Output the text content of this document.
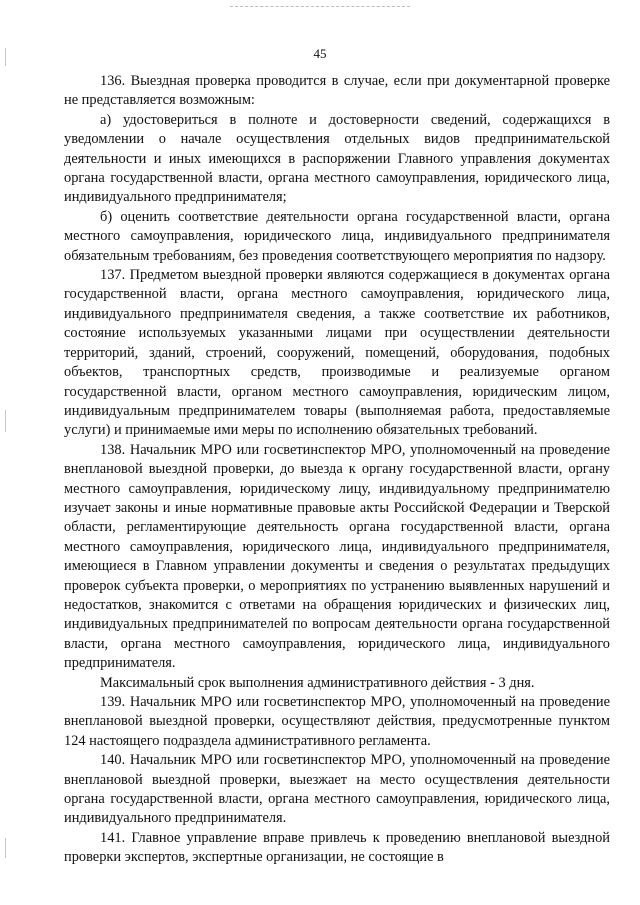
45

136. Выездная проверка проводится в случае, если при документарной проверке не представляется возможным:

а) удостовериться в полноте и достоверности сведений, содержащихся в уведомлении о начале осуществления отдельных видов предпринимательской деятельности и иных имеющихся в распоряжении Главного управления документах органа государственной власти, органа местного самоуправления, юридического лица, индивидуального предпринимателя;

б) оценить соответствие деятельности органа государственной власти, органа местного самоуправления, юридического лица, индивидуального предпринимателя обязательным требованиям, без проведения соответствующего мероприятия по надзору.

137. Предметом выездной проверки являются содержащиеся в документах органа государственной власти, органа местного самоуправления, юридического лица, индивидуального предпринимателя сведения, а также соответствие их работников, состояние используемых указанными лицами при осуществлении деятельности территорий, зданий, строений, сооружений, помещений, оборудования, подобных объектов, транспортных средств, производимые и реализуемые органом государственной власти, органом местного самоуправления, юридическим лицом, индивидуальным предпринимателем товары (выполняемая работа, предоставляемые услуги) и принимаемые ими меры по исполнению обязательных требований.

138. Начальник МРО или госветинспектор МРО, уполномоченный на проведение внеплановой выездной проверки, до выезда к органу государственной власти, органу местного самоуправления, юридическому лицу, индивидуальному предпринимателю изучает законы и иные нормативные правовые акты Российской Федерации и Тверской области, регламентирующие деятельность органа государственной власти, органа местного самоуправления, юридического лица, индивидуального предпринимателя, имеющиеся в Главном управлении документы и сведения о результатах предыдущих проверок субъекта проверки, о мероприятиях по устранению выявленных нарушений и недостатков, знакомится с ответами на обращения юридических и физических лиц, индивидуальных предпринимателей по вопросам деятельности органа государственной власти, органа местного самоуправления, юридического лица, индивидуального предпринимателя.

Максимальный срок выполнения административного действия - 3 дня.

139. Начальник МРО или госветинспектор МРО, уполномоченный на проведение внеплановой выездной проверки, осуществляют действия, предусмотренные пунктом 124 настоящего подраздела административного регламента.

140. Начальник МРО или госветинспектор МРО, уполномоченный на проведение внеплановой выездной проверки, выезжает на место осуществления деятельности органа государственной власти, органа местного самоуправления, юридического лица, индивидуального предпринимателя.

141. Главное управление вправе привлечь к проведению внеплановой выездной проверки экспертов, экспертные организации, не состоящие в
